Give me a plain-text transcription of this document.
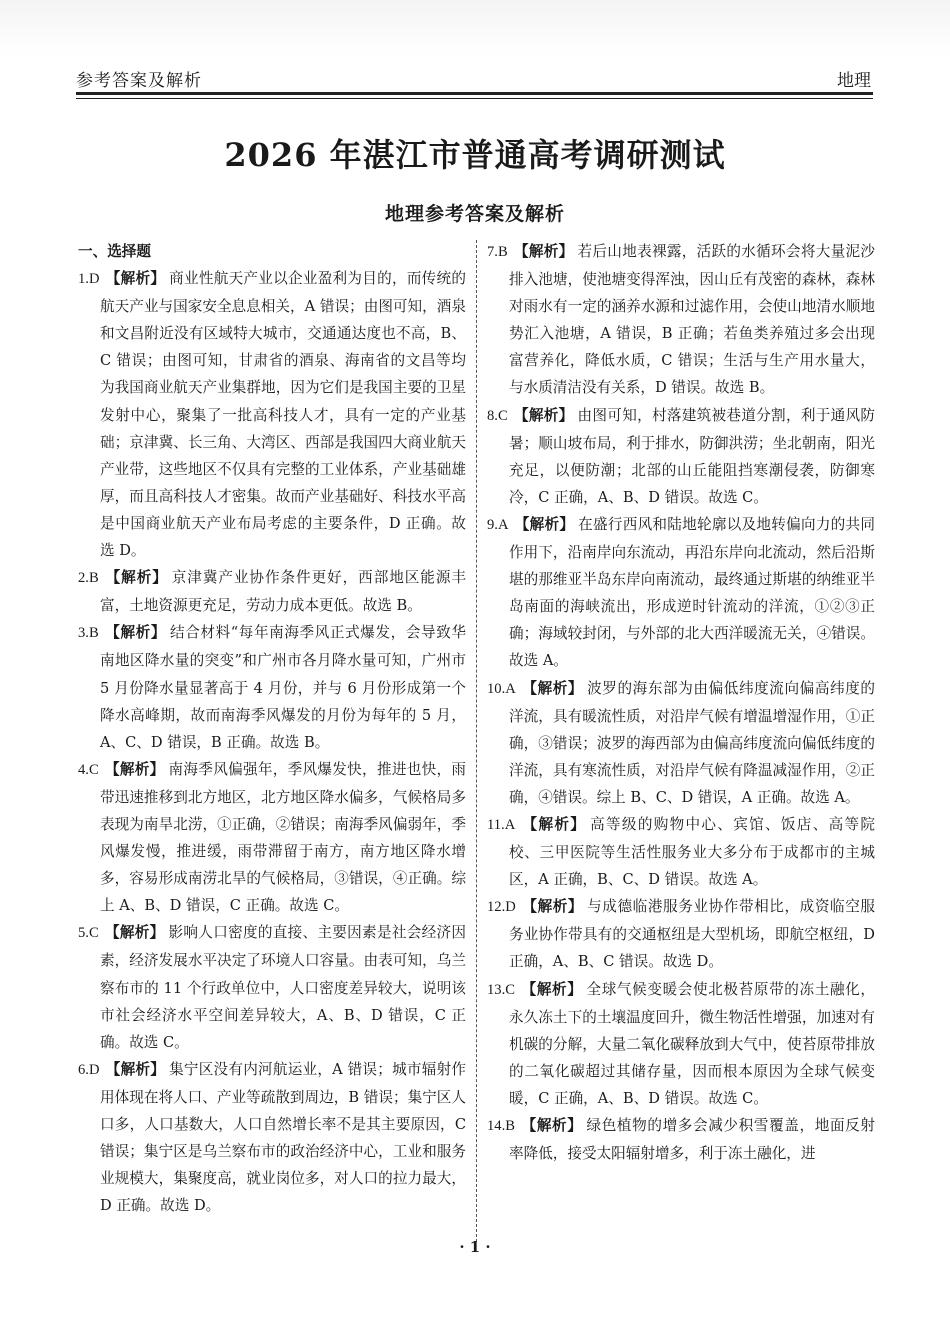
参考答案及解析	地理
2026 年湛江市普通高考调研测试
地理参考答案及解析
一、选择题
1.D 【解析】 商业性航天产业以企业盈利为目的，而传统的航天产业与国家安全息息相关，A 错误；由图可知，酒泉和文昌附近没有区域特大城市，交通通达度也不高，B、C 错误；由图可知，甘肃省的酒泉、海南省的文昌等均为我国商业航天产业集群地，因为它们是我国主要的卫星发射中心，聚集了一批高科技人才，具有一定的产业基础；京津冀、长三角、大湾区、西部是我国四大商业航天产业带，这些地区不仅具有完整的工业体系，产业基础雄厚，而且高科技人才密集。故而产业基础好、科技水平高是中国商业航天产业布局考虑的主要条件，D 正确。故选 D。
2.B 【解析】 京津冀产业协作条件更好，西部地区能源丰富，土地资源更充足，劳动力成本更低。故选 B。
3.B 【解析】 结合材料“每年南海季风正式爆发，会导致华南地区降水量的突变”和广州市各月降水量可知，广州市 5 月份降水量显著高于 4 月份，并与 6 月份形成第一个降水高峰期，故而南海季风爆发的月份为每年的 5 月，A、C、D 错误，B 正确。故选 B。
4.C 【解析】 南海季风偏强年，季风爆发快，推进也快，雨带迅速推移到北方地区，北方地区降水偏多，气候格局多表现为南旱北涝，①正确，②错误；南海季风偏弱年，季风爆发慢，推进缓，雨带滞留于南方，南方地区降水增多，容易形成南涝北旱的气候格局，③错误，④正确。综上 A、B、D 错误，C 正确。故选 C。
5.C 【解析】 影响人口密度的直接、主要因素是社会经济因素，经济发展水平决定了环境人口容量。由表可知，乌兰察布市的 11 个行政单位中，人口密度差异较大，说明该市社会经济水平空间差异较大，A、B、D 错误，C 正确。故选 C。
6.D 【解析】 集宁区没有内河航运业，A 错误；城市辐射作用体现在将人口、产业等疏散到周边，B 错误；集宁区人口多，人口基数大，人口自然增长率不是其主要原因，C 错误；集宁区是乌兰察布市的政治经济中心，工业和服务业规模大，集聚度高，就业岗位多，对人口的拉力最大，D 正确。故选 D。
7.B 【解析】 若后山地表裸露，活跃的水循环会将大量泥沙排入池塘，使池塘变得浑浊，因山丘有茂密的森林，森林对雨水有一定的涵养水源和过滤作用，会使山地清水顺地势汇入池塘，A 错误，B 正确；若鱼类养殖过多会出现富营养化，降低水质，C 错误；生活与生产用水量大，与水质清洁没有关系，D 错误。故选 B。
8.C 【解析】 由图可知，村落建筑被巷道分割，利于通风防暑；顺山坡布局，利于排水，防御洪涝；坐北朝南，阳光充足，以便防潮；北部的山丘能阻挡寒潮侵袭，防御寒冷，C 正确，A、B、D 错误。故选 C。
9.A 【解析】 在盛行西风和陆地轮廓以及地转偏向力的共同作用下，沿南岸向东流动，再沿东岸向北流动，然后沿斯堪的那维亚半岛东岸向南流动，最终通过斯堪的纳维亚半岛南面的海峡流出，形成逆时针流动的洋流，①②③正确；海域较封闭，与外部的北大西洋暖流无关，④错误。故选 A。
10.A 【解析】 波罗的海东部为由偏低纬度流向偏高纬度的洋流，具有暖流性质，对沿岸气候有增温增湿作用，①正确，③错误；波罗的海西部为由偏高纬度流向偏低纬度的洋流，具有寒流性质，对沿岸气候有降温减湿作用，②正确，④错误。综上 B、C、D 错误，A 正确。故选 A。
11.A 【解析】 高等级的购物中心、宾馆、饭店、高等院校、三甲医院等生活性服务业大多分布于成都市的主城区，A 正确，B、C、D 错误。故选 A。
12.D 【解析】 与成德临港服务业协作带相比，成资临空服务业协作带具有的交通枢纽是大型机场，即航空枢纽，D 正确，A、B、C 错误。故选 D。
13.C 【解析】 全球气候变暖会使北极苔原带的冻土融化，永久冻土下的土壤温度回升，微生物活性增强，加速对有机碳的分解，大量二氧化碳释放到大气中，使苔原带排放的二氧化碳超过其储存量，因而根本原因为全球气候变暖，C 正确，A、B、D 错误。故选 C。
14.B 【解析】 绿色植物的增多会减少积雪覆盖，地面反射率降低，接受太阳辐射增多，利于冻土融化，进
· 1 ·
